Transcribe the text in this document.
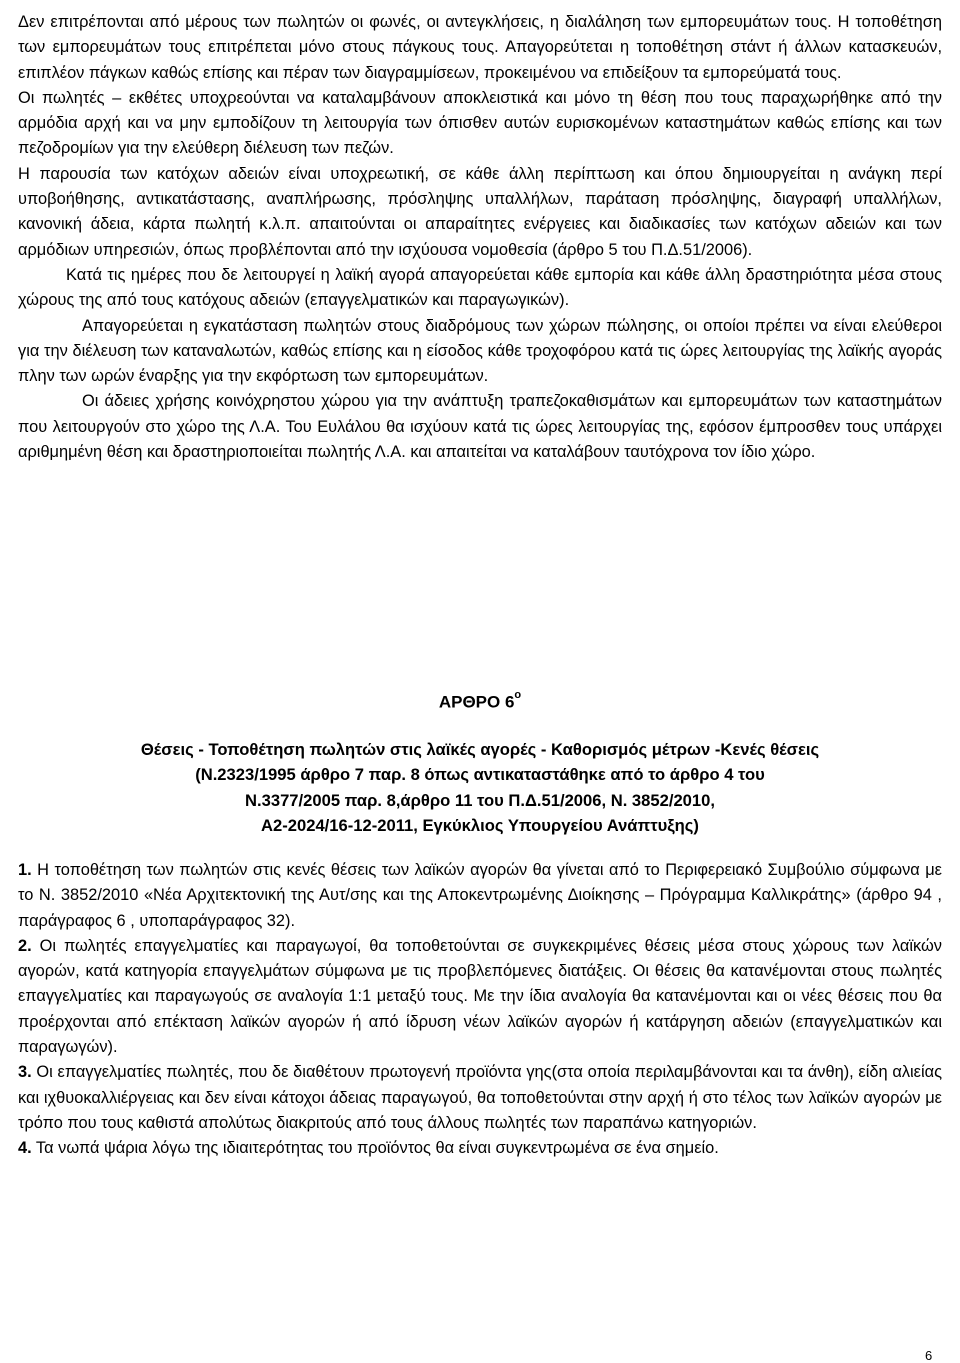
Δεν επιτρέπονται από μέρους των πωλητών οι φωνές, οι αντεγκλήσεις, η διαλάληση των εμπορευμάτων τους. Η τοποθέτηση των εμπορευμάτων τους επιτρέπεται μόνο στους πάγκους τους. Απαγορεύτεται η τοποθέτηση στάντ ή άλλων κατασκευών, επιπλέον πάγκων καθώς επίσης και πέραν των διαγραμμίσεων, προκειμένου να επιδείξουν τα εμπορεύματά τους.
Οι πωλητές – εκθέτες υποχρεούνται να καταλαμβάνουν αποκλειστικά και μόνο τη θέση που τους παραχωρήθηκε από την αρμόδια αρχή και να μην εμποδίζουν τη λειτουργία των όπισθεν αυτών ευρισκομένων καταστημάτων καθώς επίσης και των πεζοδρομίων για την ελεύθερη διέλευση των πεζών.
Η παρουσία των κατόχων αδειών είναι υποχρεωτική, σε κάθε άλλη περίπτωση και όπου δημιουργείται η ανάγκη περί υποβοήθησης, αντικατάστασης, αναπλήρωσης, πρόσληψης υπαλλήλων, παράταση πρόσληψης, διαγραφή υπαλλήλων, κανονική άδεια, κάρτα πωλητή κ.λ.π. απαιτούνται οι απαραίτητες ενέργειες και διαδικασίες των κατόχων αδειών και των αρμόδιων υπηρεσιών, όπως προβλέπονται από την ισχύουσα νομοθεσία (άρθρο 5 του Π.Δ.51/2006).
Κατά τις ημέρες που δε λειτουργεί η λαϊκή αγορά απαγορεύεται κάθε εμπορία και κάθε άλλη δραστηριότητα μέσα στους χώρους της από τους κατόχους αδειών (επαγγελματικών και παραγωγικών).
Απαγορεύεται η εγκατάσταση πωλητών στους διαδρόμους των χώρων πώλησης, οι οποίοι πρέπει να είναι ελεύθεροι για την διέλευση των καταναλωτών, καθώς επίσης και η είσοδος κάθε τροχοφόρου κατά τις ώρες λειτουργίας της λαϊκής αγοράς πλην των ωρών έναρξης για την εκφόρτωση των εμπορευμάτων.
Οι άδειες χρήσης κοινόχρηστου χώρου για την ανάπτυξη τραπεζοκαθισμάτων και εμπορευμάτων των καταστημάτων που λειτουργούν στο χώρο της Λ.Α. Του Ευλάλου θα ισχύουν κατά τις ώρες λειτουργίας της, εφόσον έμπροσθεν τους υπάρχει αριθμημένη θέση και δραστηριοποιείται πωλητής Λ.Α. και απαιτείται να καταλάβουν ταυτόχρονα τον ίδιο χώρο.
ΑΡΘΡΟ $6^o$
Θέσεις - Τοποθέτηση πωλητών στις λαϊκές αγορές - Καθορισμός μέτρων -Κενές θέσεις
(Ν.2323/1995 άρθρο 7 παρ. 8 όπως αντικαταστάθηκε από το άρθρο 4 του
Ν.3377/2005 παρ. 8,άρθρο 11 του Π.Δ.51/2006, Ν. 3852/2010,
Α2-2024/16-12-2011, Εγκύκλιος Υπουργείου Ανάπτυξης)
1. Η τοποθέτηση των πωλητών στις κενές θέσεις των λαϊκών αγορών θα γίνεται από το Περιφερειακό Συμβούλιο σύμφωνα με το Ν. 3852/2010 «Νέα Αρχιτεκτονική της Αυτ/σης και της Αποκεντρωμένης Διοίκησης – Πρόγραμμα Καλλικράτης» (άρθρο 94 , παράγραφος 6 , υποπαράγραφος 32).
2. Οι πωλητές επαγγελματίες και παραγωγοί, θα τοποθετούνται σε συγκεκριμένες θέσεις μέσα στους χώρους των λαϊκών αγορών, κατά κατηγορία επαγγελμάτων σύμφωνα με τις προβλεπόμενες διατάξεις. Οι θέσεις θα κατανέμονται στους πωλητές επαγγελματίες και παραγωγούς σε αναλογία 1:1 μεταξύ τους. Με την ίδια αναλογία θα κατανέμονται και οι νέες θέσεις που θα προέρχονται από επέκταση λαϊκών αγορών ή από ίδρυση νέων λαϊκών αγορών ή κατάργηση αδειών (επαγγελματικών και παραγωγών).
3. Οι επαγγελματίες πωλητές, που δε διαθέτουν πρωτογενή προϊόντα γης(στα οποία περιλαμβάνονται και τα άνθη), είδη αλιείας και ιχθυοκαλλιέργειας και δεν είναι κάτοχοι άδειας παραγωγού, θα τοποθετούνται στην αρχή ή στο τέλος των λαϊκών αγορών με τρόπο που τους καθιστά απολύτως διακριτούς από τους άλλους πωλητές των παραπάνω κατηγοριών.
4. Τα νωπά ψάρια λόγω της ιδιαιτερότητας του προϊόντος θα είναι συγκεντρωμένα σε ένα σημείο.
6
